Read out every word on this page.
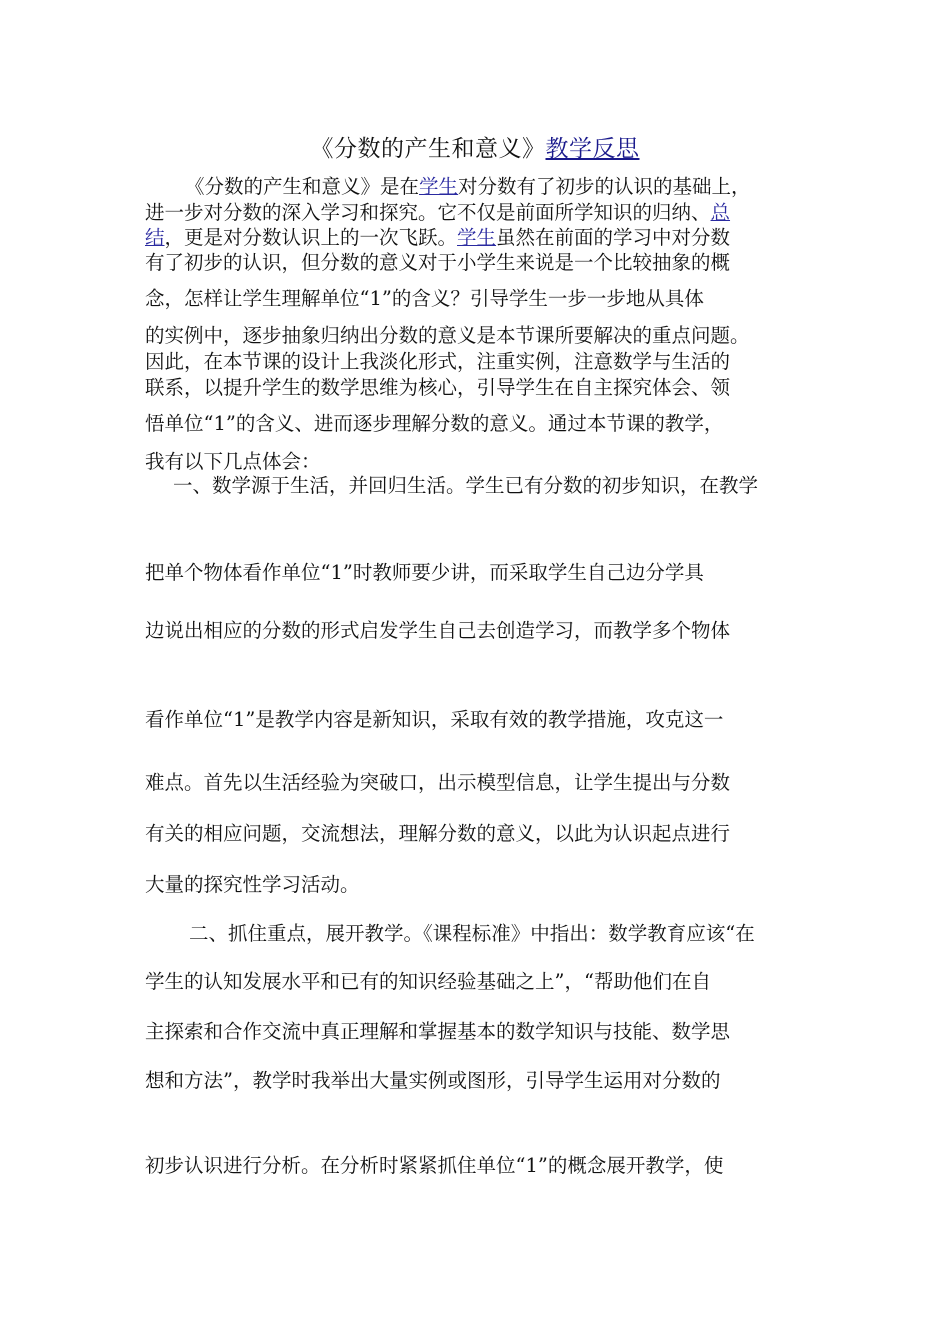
《分数的产生和意义》教学反思

《分数的产生和意义》是在学生对分数有了初步的认识的基础上，

进一步对分数的深入学习和探究。它不仅是前面所学知识的归纳、总

结，更是对分数认识上的一次飞跃。学生虽然在前面的学习中对分数

有了初步的认识，但分数的意义对于小学生来说是一个比较抽象的概

念，怎样让学生理解单位“1”的含义？引导学生一步一步地从具体

的实例中，逐步抽象归纳出分数的意义是本节课所要解决的重点问题。

因此，在本节课的设计上我淡化形式，注重实例，注意数学与生活的

联系，以提升学生的数学思维为核心，引导学生在自主探究体会、领

悟单位“1”的含义、进而逐步理解分数的意义。通过本节课的教学，

我有以下几点体会：

一、数学源于生活，并回归生活。学生已有分数的初步知识，在教学

把单个物体看作单位“1”时教师要少讲，而采取学生自己边分学具

边说出相应的分数的形式启发学生自己去创造学习，而教学多个物体

看作单位“1”是教学内容是新知识，采取有效的教学措施，攻克这一

难点。首先以生活经验为突破口，出示模型信息，让学生提出与分数

有关的相应问题，交流想法，理解分数的意义，以此为认识起点进行

大量的探究性学习活动。

二、抓住重点，展开教学。《课程标准》中指出：数学教育应该“在

学生的认知发展水平和已有的知识经验基础之上”，“帮助他们在自

主探索和合作交流中真正理解和掌握基本的数学知识与技能、数学思

想和方法”，教学时我举出大量实例或图形，引导学生运用对分数的

初步认识进行分析。在分析时紧紧抓住单位“1”的概念展开教学，使
